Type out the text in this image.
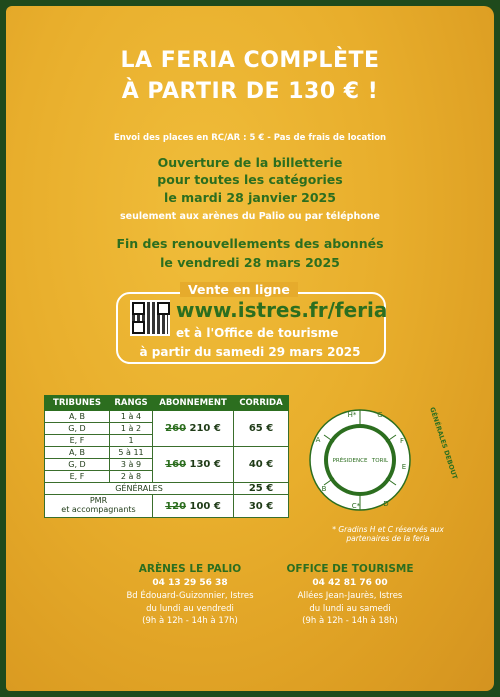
LA FERIA COMPLÈTE
À PARTIR DE 130 € !
Envoi des places en RC/AR : 5 € - Pas de frais de location
Ouverture de la billetterie
pour toutes les catégories
le mardi 28 janvier 2025
seulement aux arènes du Palio ou par téléphone
Fin des renouvellements des abonnés
le vendredi 28 mars 2025
Vente en ligne
www.istres.fr/feria
et à l'Office de tourisme
à partir du samedi 29 mars 2025
TRIBUNES	RANGS	ABONNEMENT	CORRIDA
A, B	1 à 4	260 210 €	65 €
G, D	1 à 2		
E, F	1		
A, B	5 à 11	160 130 €	40 €
G, D	3 à 9		
E, F	2 à 8		
GÉNÉRALES			25 €
PMR
et accompagnants		120 100 €	30 €
H*	G
F
E
D
C*
B
A
PRÉSIDENCE TORIL	GÉNÉRALES DEBOUT
* Gradins H et C réservés aux partenaires de la feria
ARÈNES LE PALIO
04 13 29 56 38
Bd Édouard-Guizonnier, Istres
du lundi au vendredi
(9h à 12h - 14h à 17h)
OFFICE DE TOURISME
04 42 81 76 00
Allées Jean-Jaurès, Istres
du lundi au samedi
(9h à 12h - 14h à 18h)
